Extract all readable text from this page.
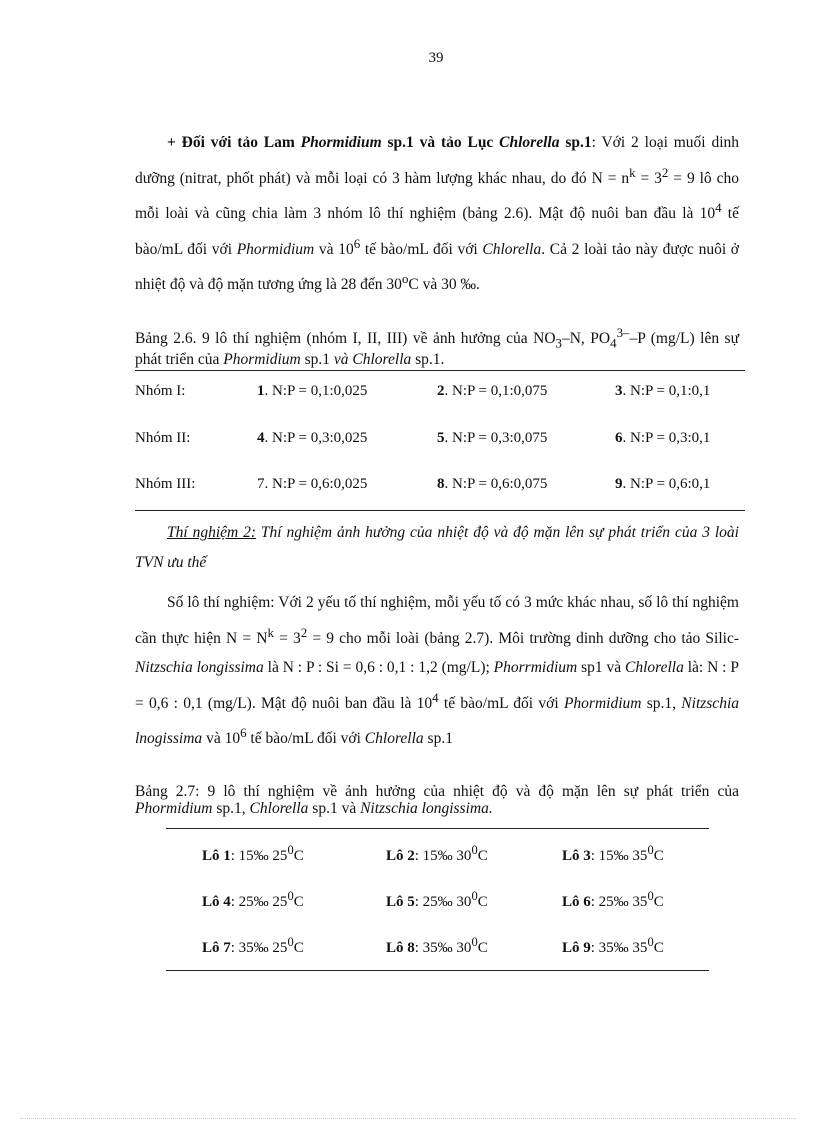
39

+ Đối với tảo Lam Phormidium sp.1 và tảo Lục Chlorella sp.1: Với 2 loại muối dinh dưỡng (nitrat, phốt phát) và mỗi loại có 3 hàm lượng khác nhau, do đó $N = n^k = 3^2 = 9$ lô cho mỗi loài và cũng chia làm 3 nhóm lô thí nghiệm (bảng 2.6). Mật độ nuôi ban đầu là $10^4$ tế bào/mL đối với Phormidium và $10^6$ tế bào/mL đối với Chlorella. Cả 2 loài tảo này được nuôi ở nhiệt độ và độ mặn tương ứng là 28 đến 30$^o$C và 30 ‰.

Bảng 2.6. 9 lô thí nghiệm (nhóm I, II, III) về ảnh hưởng của $NO_3-N$, $PO_4^{3-}-P$ (mg/L) lên sự phát triển của Phormidium sp.1 và Chlorella sp.1.

Nhóm I:	1. N:P = 0,1:0,025	2. N:P = 0,1:0,075	3. N:P = 0,1:0,1
Nhóm II:	4. N:P = 0,3:0,025	5. N:P = 0,3:0,075	6. N:P = 0,3:0,1
Nhóm III:	7. N:P = 0,6:0,025	8. N:P = 0,6:0,075	9. N:P = 0,6:0,1

Thí nghiệm 2: Thí nghiệm ảnh hưởng của nhiệt độ và độ mặn lên sự phát triển của 3 loài TVN ưu thế

Số lô thí nghiệm: Với 2 yếu tố thí nghiệm, mỗi yếu tố có 3 mức khác nhau, số lô thí nghiệm cần thực hiện $N = N^k = 3^2 = 9$ cho mỗi loài (bảng 2.7). Môi trường dinh dưỡng cho tảo Silic- Nitzschia longissima là N : P : Si = 0,6 : 0,1 : 1,2 (mg/L); Phorrmidium sp1 và Chlorella là: N : P = 0,6 : 0,1 (mg/L). Mật độ nuôi ban đầu là $10^4$ tế bào/mL đối với Phormidium sp.1, Nitzschia lnogissima và $10^6$ tế bào/mL đối với Chlorella sp.1

Bảng 2.7: 9 lô thí nghiệm về ảnh hưởng của nhiệt độ và độ mặn lên sự phát triển của Phormidium sp.1, Chlorella sp.1 và Nitzschia longissima.

Lô 1: 15‰ $25^0C$	Lô 2: 15‰ $30^0C$	Lô 3: 15‰ $35^0C$
Lô 4: 25‰ $25^0C$	Lô 5: 25‰ $30^0C$	Lô 6: 25‰ $35^0C$
Lô 7: 35‰ $25^0C$	Lô 8: 35‰ $30^0C$	Lô 9: 35‰ $35^0C$
